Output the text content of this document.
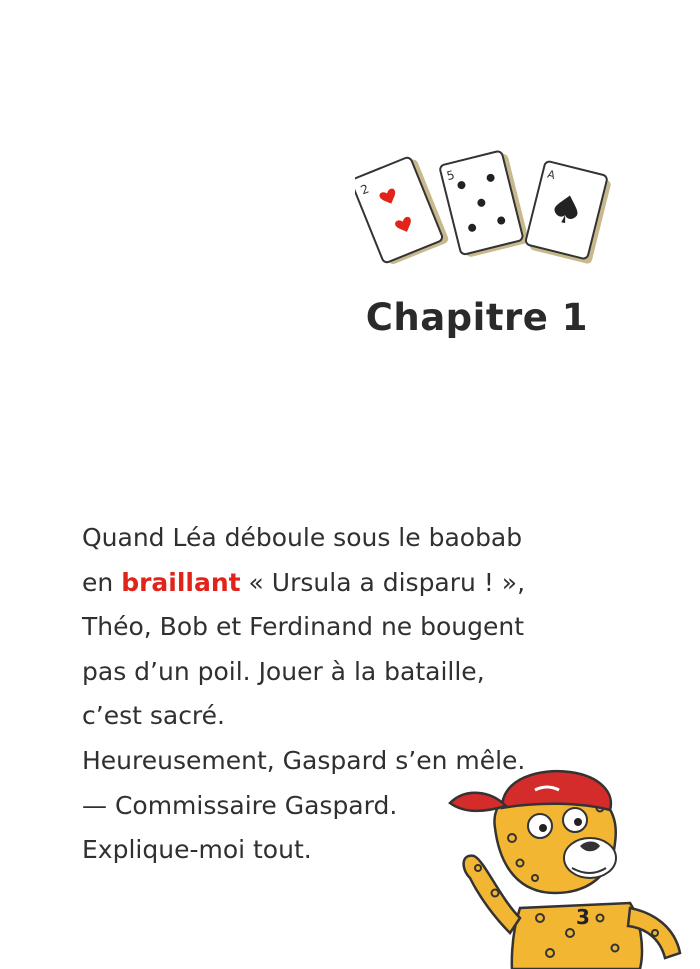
2
5	A
Chapitre 1

Quand Léa déboule sous le baobab

en braillant « Ursula a disparu ! »,

Théo, Bob et Ferdinand ne bougent

pas d’un poil. Jouer à la bataille,

c’est sacré.

Heureusement, Gaspard s’en mêle.

— Commissaire Gaspard.

Explique-moi tout.

3
